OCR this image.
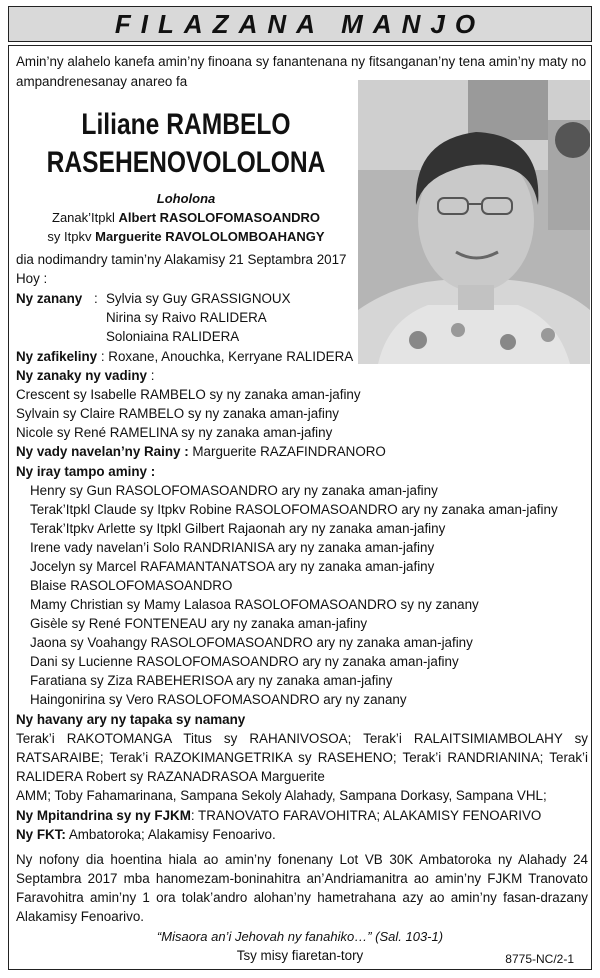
FILAZANA MANJO
Amin’ny alahelo kanefa amin’ny finoana sy fanantenana ny fitsanganan’ny tena amin’ny maty no ampandrenesanay anareo fa
Liliane RAMBELO
RASEHENOVOLOLONA
Loholona
Zanak’Itpkl Albert RASOLOFOMASOANDRO
sy Itpkv Marguerite RAVOLOLOMBOAHANGY
dia nodimandry tamin’ny Alakamisy 21 Septambra 2017
Hoy :
Ny zanany : Sylvia sy Guy GRASSIGNOUX
Nirina sy Raivo RALIDERA
Soloniaina RALIDERA
Ny zafikeliny : Roxane, Anouchka, Kerryane RALIDERA
Ny zanaky ny vadiny :
Crescent sy Isabelle RAMBELO sy ny zanaka aman-jafiny
Sylvain sy Claire RAMBELO sy ny zanaka aman-jafiny
Nicole sy René RAMELINA sy ny zanaka aman-jafiny
Ny vady navelan’ny Rainy : Marguerite RAZAFINDRANORO
Ny iray tampo aminy :
Henry sy Gun RASOLOFOMASOANDRO ary ny zanaka aman-jafiny
Terak’Itpkl Claude sy Itpkv Robine RASOLOFOMASOANDRO ary ny zanaka aman-jafiny
Terak’Itpkv Arlette sy Itpkl Gilbert Rajaonah ary ny zanaka aman-jafiny
Irene vady navelan’i Solo RANDRIANISA ary ny zanaka aman-jafiny
Jocelyn sy Marcel RAFAMANTANATSOA ary ny zanaka aman-jafiny
Blaise RASOLOFOMASOANDRO
Mamy Christian sy Mamy Lalasoa RASOLOFOMASOANDRO sy ny zanany
Gisèle sy René FONTENEAU ary ny zanaka aman-jafiny
Jaona sy Voahangy RASOLOFOMASOANDRO ary ny zanaka aman-jafiny
Dani sy Lucienne RASOLOFOMASOANDRO ary ny zanaka aman-jafiny
Faratiana sy Ziza RABEHERISOA ary ny zanaka aman-jafiny
Haingonirina sy Vero RASOLOFOMASOANDRO ary ny zanany
Ny havany ary ny tapaka sy namany
Terak’i RAKOTOMANGA Titus sy RAHANIVOSOA; Terak’i RALAITSIMIAMBOLAHY sy RATSARAIBE; Terak’i RAZOKIMANGETRIKA sy RASEHENO; Terak’i RANDRIANINA; Terak’i RALIDERA Robert sy RAZANADRASOA Marguerite
AMM; Toby Fahamarinana, Sampana Sekoly Alahady, Sampana Dorkasy, Sampana VHL;
Ny Mpitandrina sy ny FJKM: TRANOVATO FARAVOHITRA; ALAKAMISY FENOARIVO
Ny FKT: Ambatoroka; Alakamisy Fenoarivo.
Ny nofony dia hoentina hiala ao amin’ny fonenany Lot VB 30K Ambatoroka ny Alahady 24 Septambra 2017 mba hanomezam-boninahitra an’Andriamanitra ao amin’ny FJKM Tranovato Faravohitra amin’ny 1 ora tolak’andro alohan’ny hametrahana azy ao amin’ny fasan-drazany Alakamisy Fenoarivo.
“Misaora an’i Jehovah ny fanahiko…” (Sal. 103-1)
Tsy misy fiaretan-tory	8775-NC/2-1
